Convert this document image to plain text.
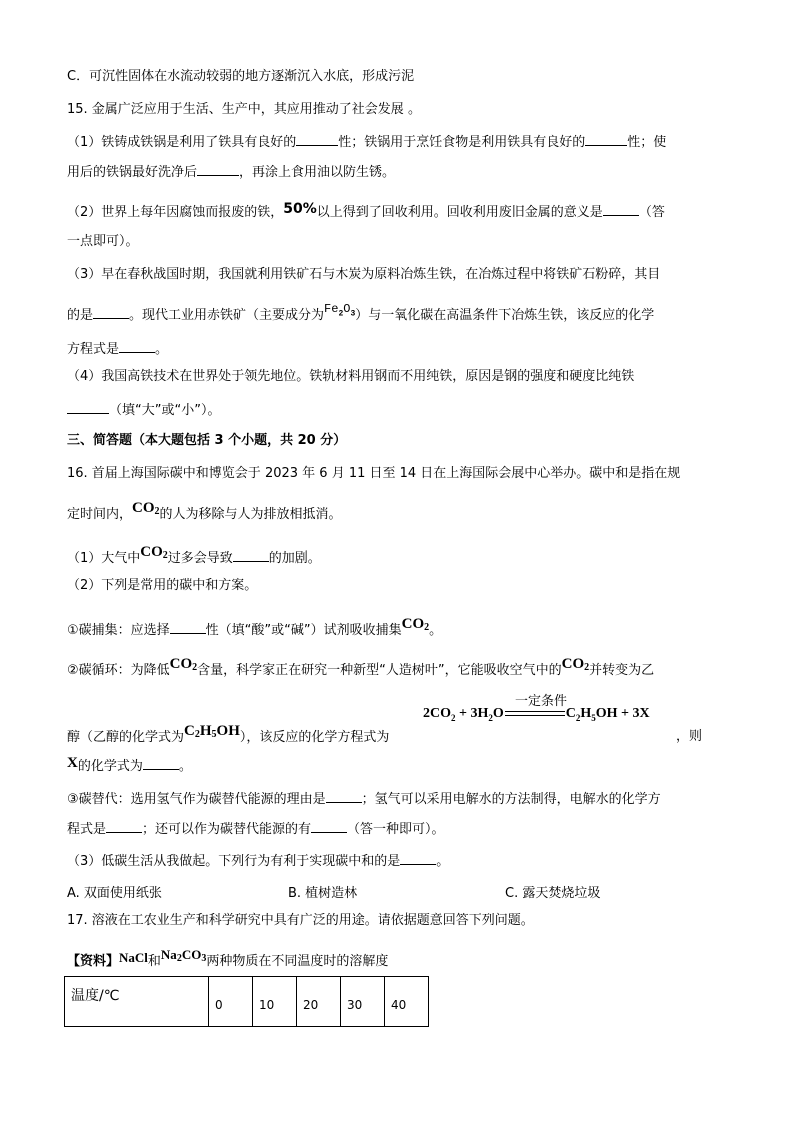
C．可沉性固体在水流动较弱的地方逐渐沉入水底，形成污泥
15. 金属广泛应用于生活、生产中，其应用推动了社会发展 。
（1）铁铸成铁锅是利用了铁具有良好的	性；铁锅用于烹饪食物是利用铁具有良好的	性；使
用后的铁锅最好洗净后	，再涂上食用油以防生锈。
（2）世界上每年因腐蚀而报废的铁，50%以上得到了回收利用。回收利用废旧金属的意义是	（答
一点即可）。
（3）早在春秋战国时期，我国就利用铁矿石与木炭为原料冶炼生铁，在冶炼过程中将铁矿石粉碎，其目
的是	。现代工业用赤铁矿（主要成分为$Fe_2O_3$）与一氧化碳在高温条件下冶炼生铁，该反应的化学
方程式是	。
（4）我国高铁技术在世界处于领先地位。铁轨材料用钢而不用纯铁，原因是钢的强度和硬度比纯铁
（填“大”或“小”）。
三、简答题（本大题包括 3 个小题，共 20 分）
16. 首届上海国际碳中和博览会于 2023 年 6 月 11 日至 14 日在上海国际会展中心举办。碳中和是指在规
定时间内，$CO_2$的人为移除与人为排放相抵消。
（1）大气中$CO_2$过多会导致	的加剧。
（2）下列是常用的碳中和方案。
①碳捕集：应选择	性（填“酸”或“碱”）试剂吸收捕集$CO_2$。
②碳循环：为降低$CO_2$含量，科学家正在研究一种新型“人造树叶”，它能吸收空气中的$CO_2$并转变为乙
醇（乙醇的化学式为$C_2H_5OH$），该反应的化学方程式为	，则
一定条件
$2CO_2 + 3H_2O$	$C_2H_5OH + 3X$
X的化学式为	。
③碳替代：选用氢气作为碳替代能源的理由是	；氢气可以采用电解水的方法制得，电解水的化学方
程式是	；还可以作为碳替代能源的有	（答一种即可）。
（3）低碳生活从我做起。下列行为有利于实现碳中和的是	。
A. 双面使用纸张	B. 植树造林	C. 露天焚烧垃圾
17. 溶液在工农业生产和科学研究中具有广泛的用途。请依据题意回答下列问题。
【资料】NaCl和$Na_2CO_3$两种物质在不同温度时的溶解度
温度/℃	0	10	20	30	40
